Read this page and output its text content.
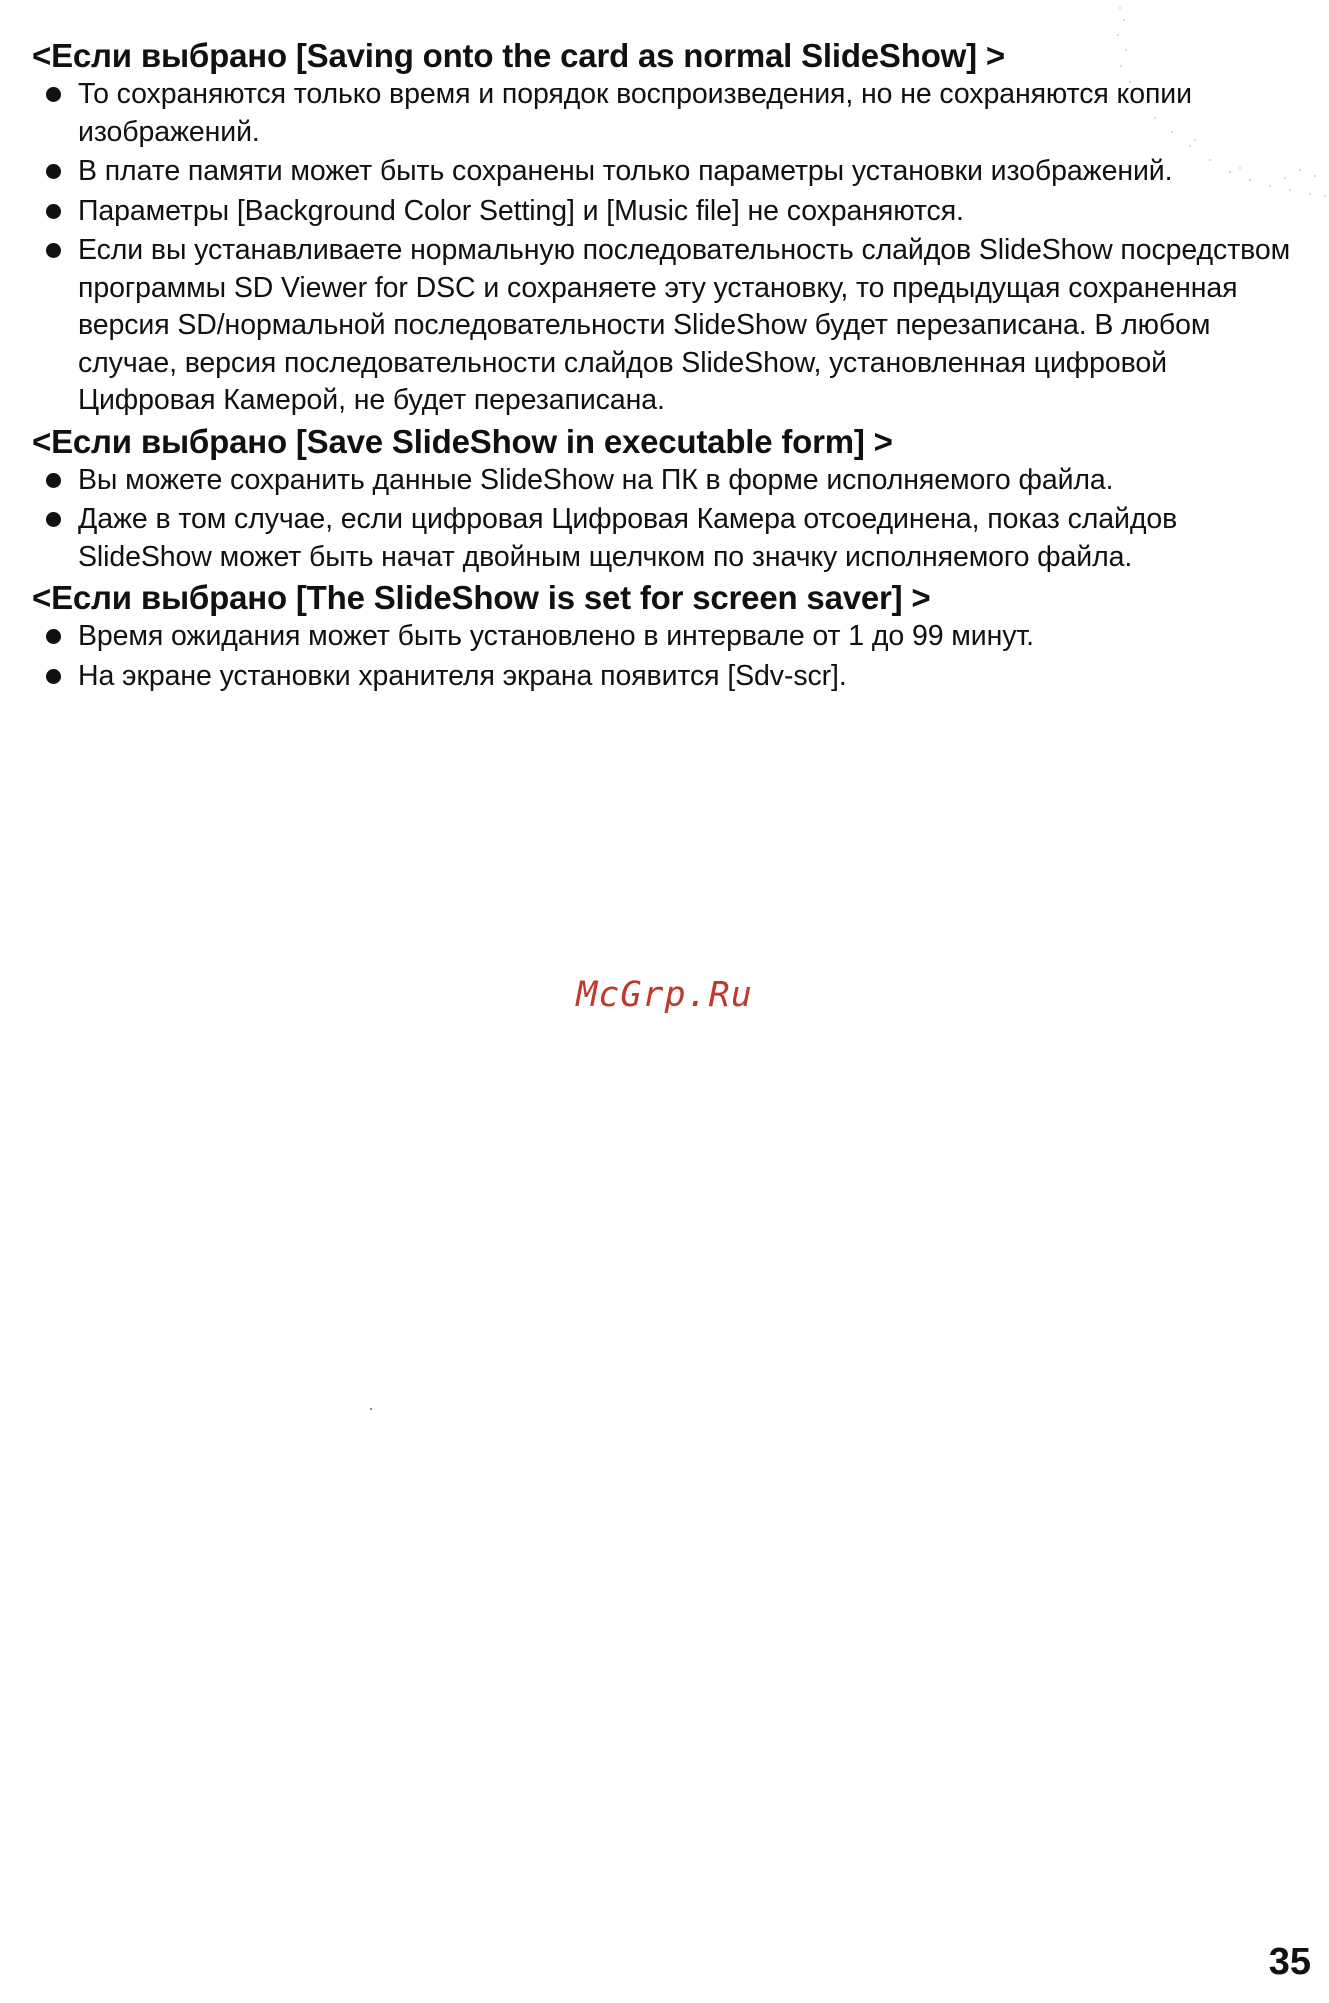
<Если выбрано [Saving onto the card as normal SlideShow] >
То сохраняются только время и порядок воспроизведения, но не сохраняются копии изображений.
В плате памяти может быть сохранены только параметры установки изображений.
Параметры [Background Color Setting] и [Music file] не сохраняются.
Если вы устанавливаете нормальную последовательность слайдов SlideShow посредством программы SD Viewer for DSC и сохраняете эту установку, то предыдущая сохраненная версия SD/нормальной последовательности SlideShow будет перезаписана. В любом случае, версия последовательности слайдов SlideShow, установленная цифровой Цифровая Камерой, не будет перезаписана.
<Если выбрано [Save SlideShow in executable form] >
Вы можете сохранить данные SlideShow на ПК в форме исполняемого файла.
Даже в том случае, если цифровая Цифровая Камера отсоединена, показ слайдов SlideShow может быть начат двойным щелчком по значку исполняемого файла.
<Если выбрано [The SlideShow is set for screen saver] >
Время ожидания может быть установлено в интервале от 1 до 99 минут.
На экране установки хранителя экрана появится [Sdv-scr].
McGrp.Ru
35
